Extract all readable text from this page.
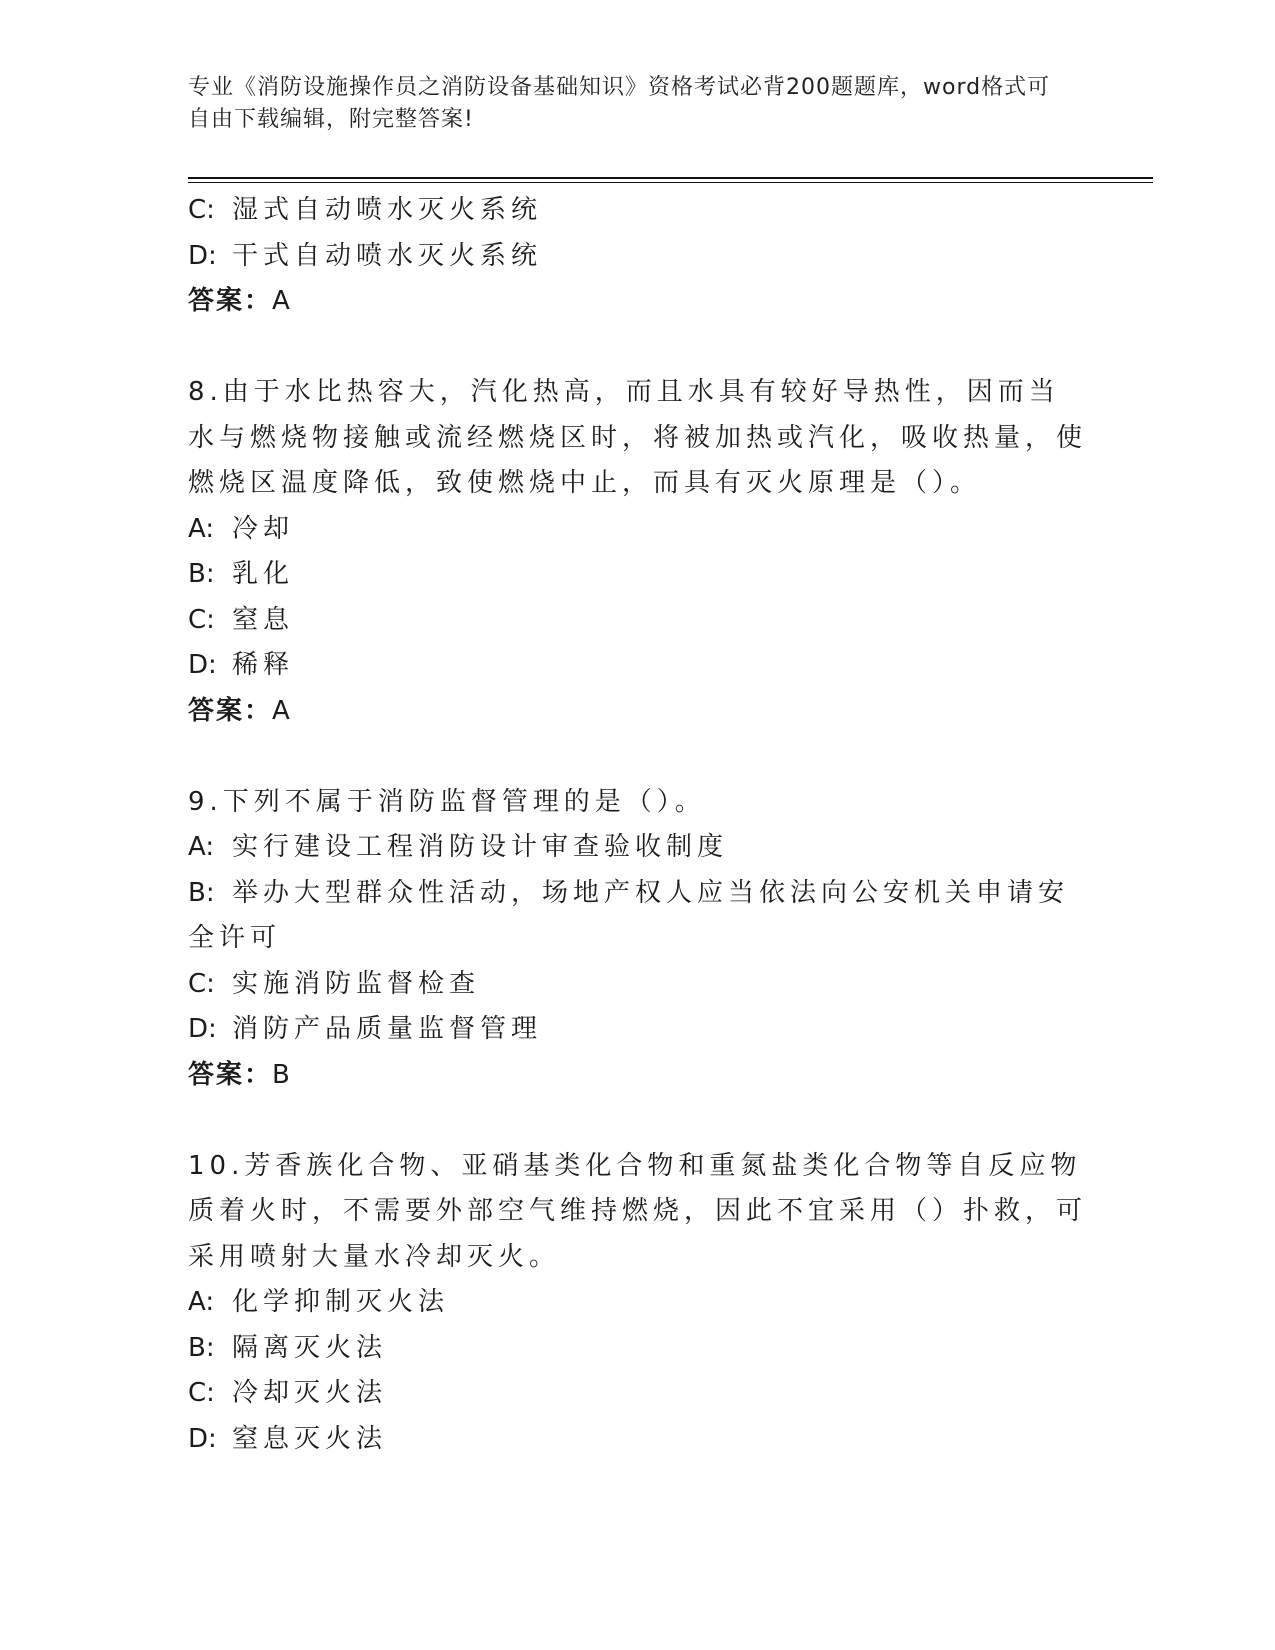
专业《消防设施操作员之消防设备基础知识》资格考试必背200题题库，word格式可自由下载编辑，附完整答案!

C: 湿式自动喷水灭火系统

D: 干式自动喷水灭火系统

答案：A

8.由于水比热容大，汽化热高，而且水具有较好导热性，因而当水与燃烧物接触或流经燃烧区时，将被加热或汽化，吸收热量，使燃烧区温度降低，致使燃烧中止，而具有灭火原理是（）。

A: 冷却

B: 乳化

C: 窒息

D: 稀释

答案：A

9.下列不属于消防监督管理的是（）。

A: 实行建设工程消防设计审查验收制度

B: 举办大型群众性活动，场地产权人应当依法向公安机关申请安全许可

C: 实施消防监督检查

D: 消防产品质量监督管理

答案：B

10.芳香族化合物、亚硝基类化合物和重氮盐类化合物等自反应物质着火时，不需要外部空气维持燃烧，因此不宜采用（）扑救，可采用喷射大量水冷却灭火。

A: 化学抑制灭火法

B: 隔离灭火法

C: 冷却灭火法

D: 窒息灭火法
